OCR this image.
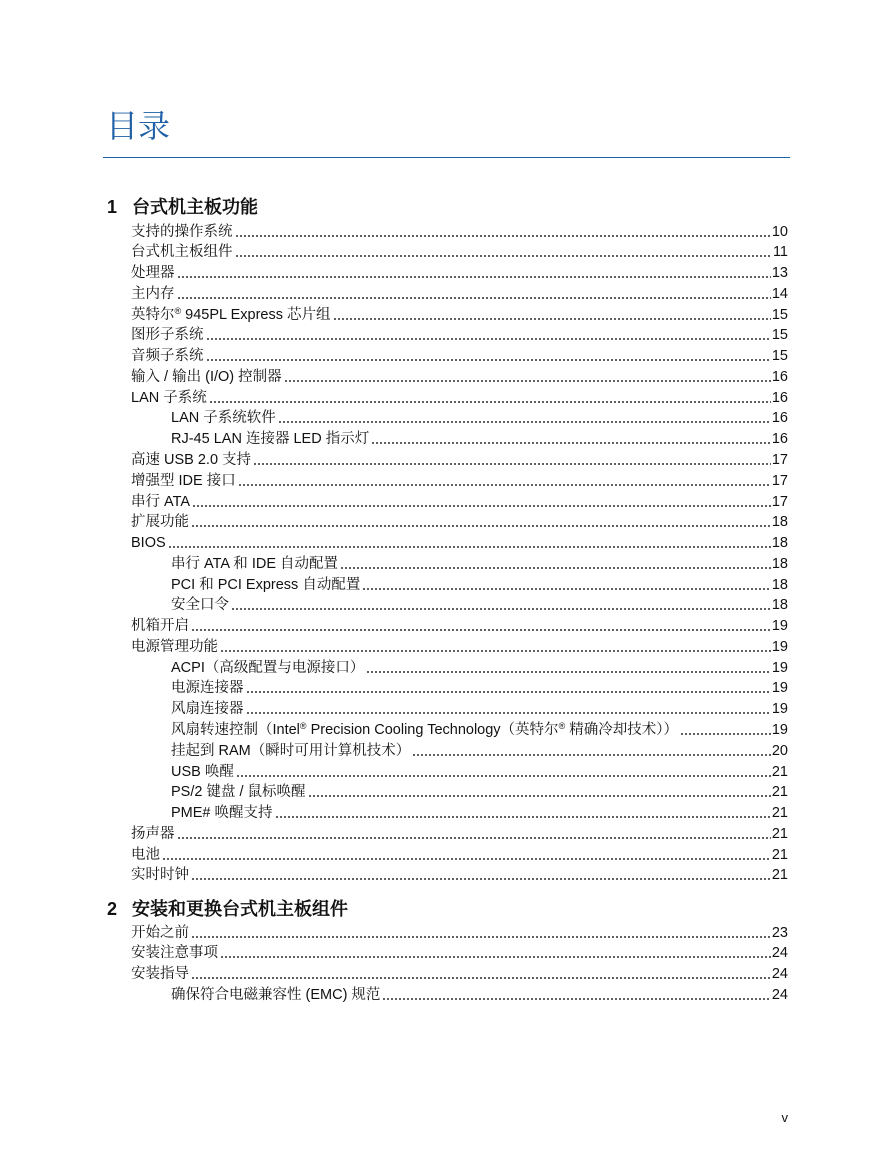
目录
1 台式机主板功能
支持的操作系统	10
台式机主板组件	11
处理器	13
主内存	14
英特尔® 945PL Express 芯片组	15
图形子系统	15
音频子系统	15
输入 / 输出 (I/O) 控制器	16
LAN 子系统	16
LAN 子系统软件	16
RJ-45 LAN 连接器 LED 指示灯	16
高速 USB 2.0 支持	17
增强型 IDE 接口	17
串行 ATA	17
扩展功能	18
BIOS	18
串行 ATA 和 IDE 自动配置	18
PCI 和 PCI Express 自动配置	18
安全口令	18
机箱开启	19
电源管理功能	19
ACPI（高级配置与电源接口）	19
电源连接器	19
风扇连接器	19
风扇转速控制（Intel® Precision Cooling Technology（英特尔® 精确冷却技术））	19
挂起到 RAM（瞬时可用计算机技术）	20
USB 唤醒	21
PS/2 键盘 / 鼠标唤醒	21
PME# 唤醒支持	21
扬声器	21
电池	21
实时时钟	21
2 安装和更换台式机主板组件
开始之前	23
安装注意事项	24
安装指导	24
确保符合电磁兼容性 (EMC) 规范	24
v
